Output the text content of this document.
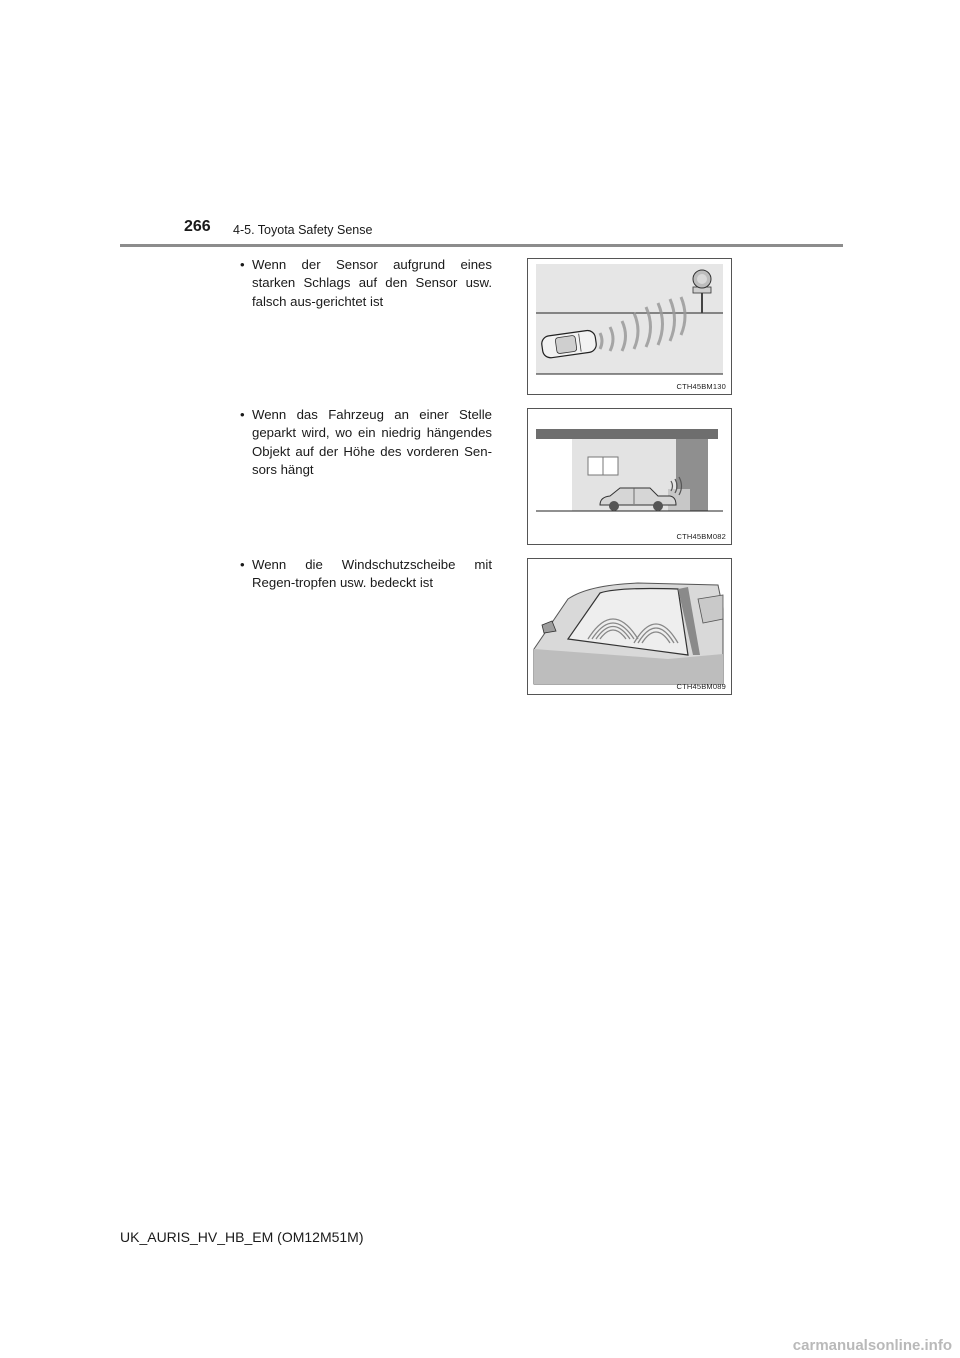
266 4-5. Toyota Safety Sense
• Wenn der Sensor aufgrund eines starken Schlags auf den Sensor usw. falsch aus-gerichtet ist
CTH45BM130
• Wenn das Fahrzeug an einer Stelle geparkt wird, wo ein niedrig hängendes Objekt auf der Höhe des vorderen Sen-sors hängt
CTH45BM082
• Wenn die Windschutzscheibe mit Regen-tropfen usw. bedeckt ist
CTH45BM089
UK_AURIS_HV_HB_EM (OM12M51M)
carmanualsonline.info
